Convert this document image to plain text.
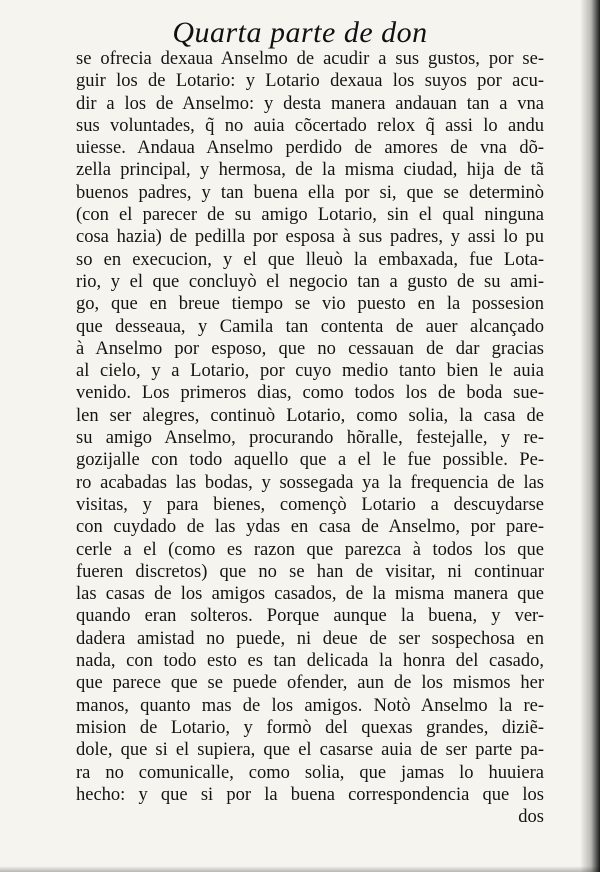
Quarta parte de don
se ofrecia dexaua Anselmo de acudir a sus gustos, por se-
guir los de Lotario: y Lotario dexaua los suyos por acu-
dir a los de Anselmo: y desta manera andauan tan a vna
sus voluntades, q̃ no auia cõcertado relox q̃ assi lo andu
uiesse. Andaua Anselmo perdido de amores de vna dõ-
zella principal, y hermosa, de la misma ciudad, hija de tã
buenos padres, y tan buena ella por si, que se determinò
(con el parecer de su amigo Lotario, sin el qual ninguna
cosa hazia) de pedilla por esposa à sus padres, y assi lo pu
so en execucion, y el que lleuò la embaxada, fue Lota-
rio, y el que concluyò el negocio tan a gusto de su ami-
go, que en breue tiempo se vio puesto en la possesion
que desseaua, y Camila tan contenta de auer alcançado
à Anselmo por esposo, que no cessauan de dar gracias
al cielo, y a Lotario, por cuyo medio tanto bien le auia
venido. Los primeros dias, como todos los de boda sue-
len ser alegres, continuò Lotario, como solia, la casa de
su amigo Anselmo, procurando hõralle, festejalle, y re-
gozijalle con todo aquello que a el le fue possible. Pe-
ro acabadas las bodas, y sossegada ya la frequencia de las
visitas, y para bienes, començò Lotario a descuydarse
con cuydado de las ydas en casa de Anselmo, por pare-
cerle a el (como es razon que parezca à todos los que
fueren discretos) que no se han de visitar, ni continuar
las casas de los amigos casados, de la misma manera que
quando eran solteros. Porque aunque la buena, y ver-
dadera amistad no puede, ni deue de ser sospechosa en
nada, con todo esto es tan delicada la honra del casado,
que parece que se puede ofender, aun de los mismos her
manos, quanto mas de los amigos. Notò Anselmo la re-
mision de Lotario, y formò del quexas grandes, diziẽ-
dole, que si el supiera, que el casarse auia de ser parte pa-
ra no comunicalle, como solia, que jamas lo huuiera
hecho: y que si por la buena correspondencia que los
dos
